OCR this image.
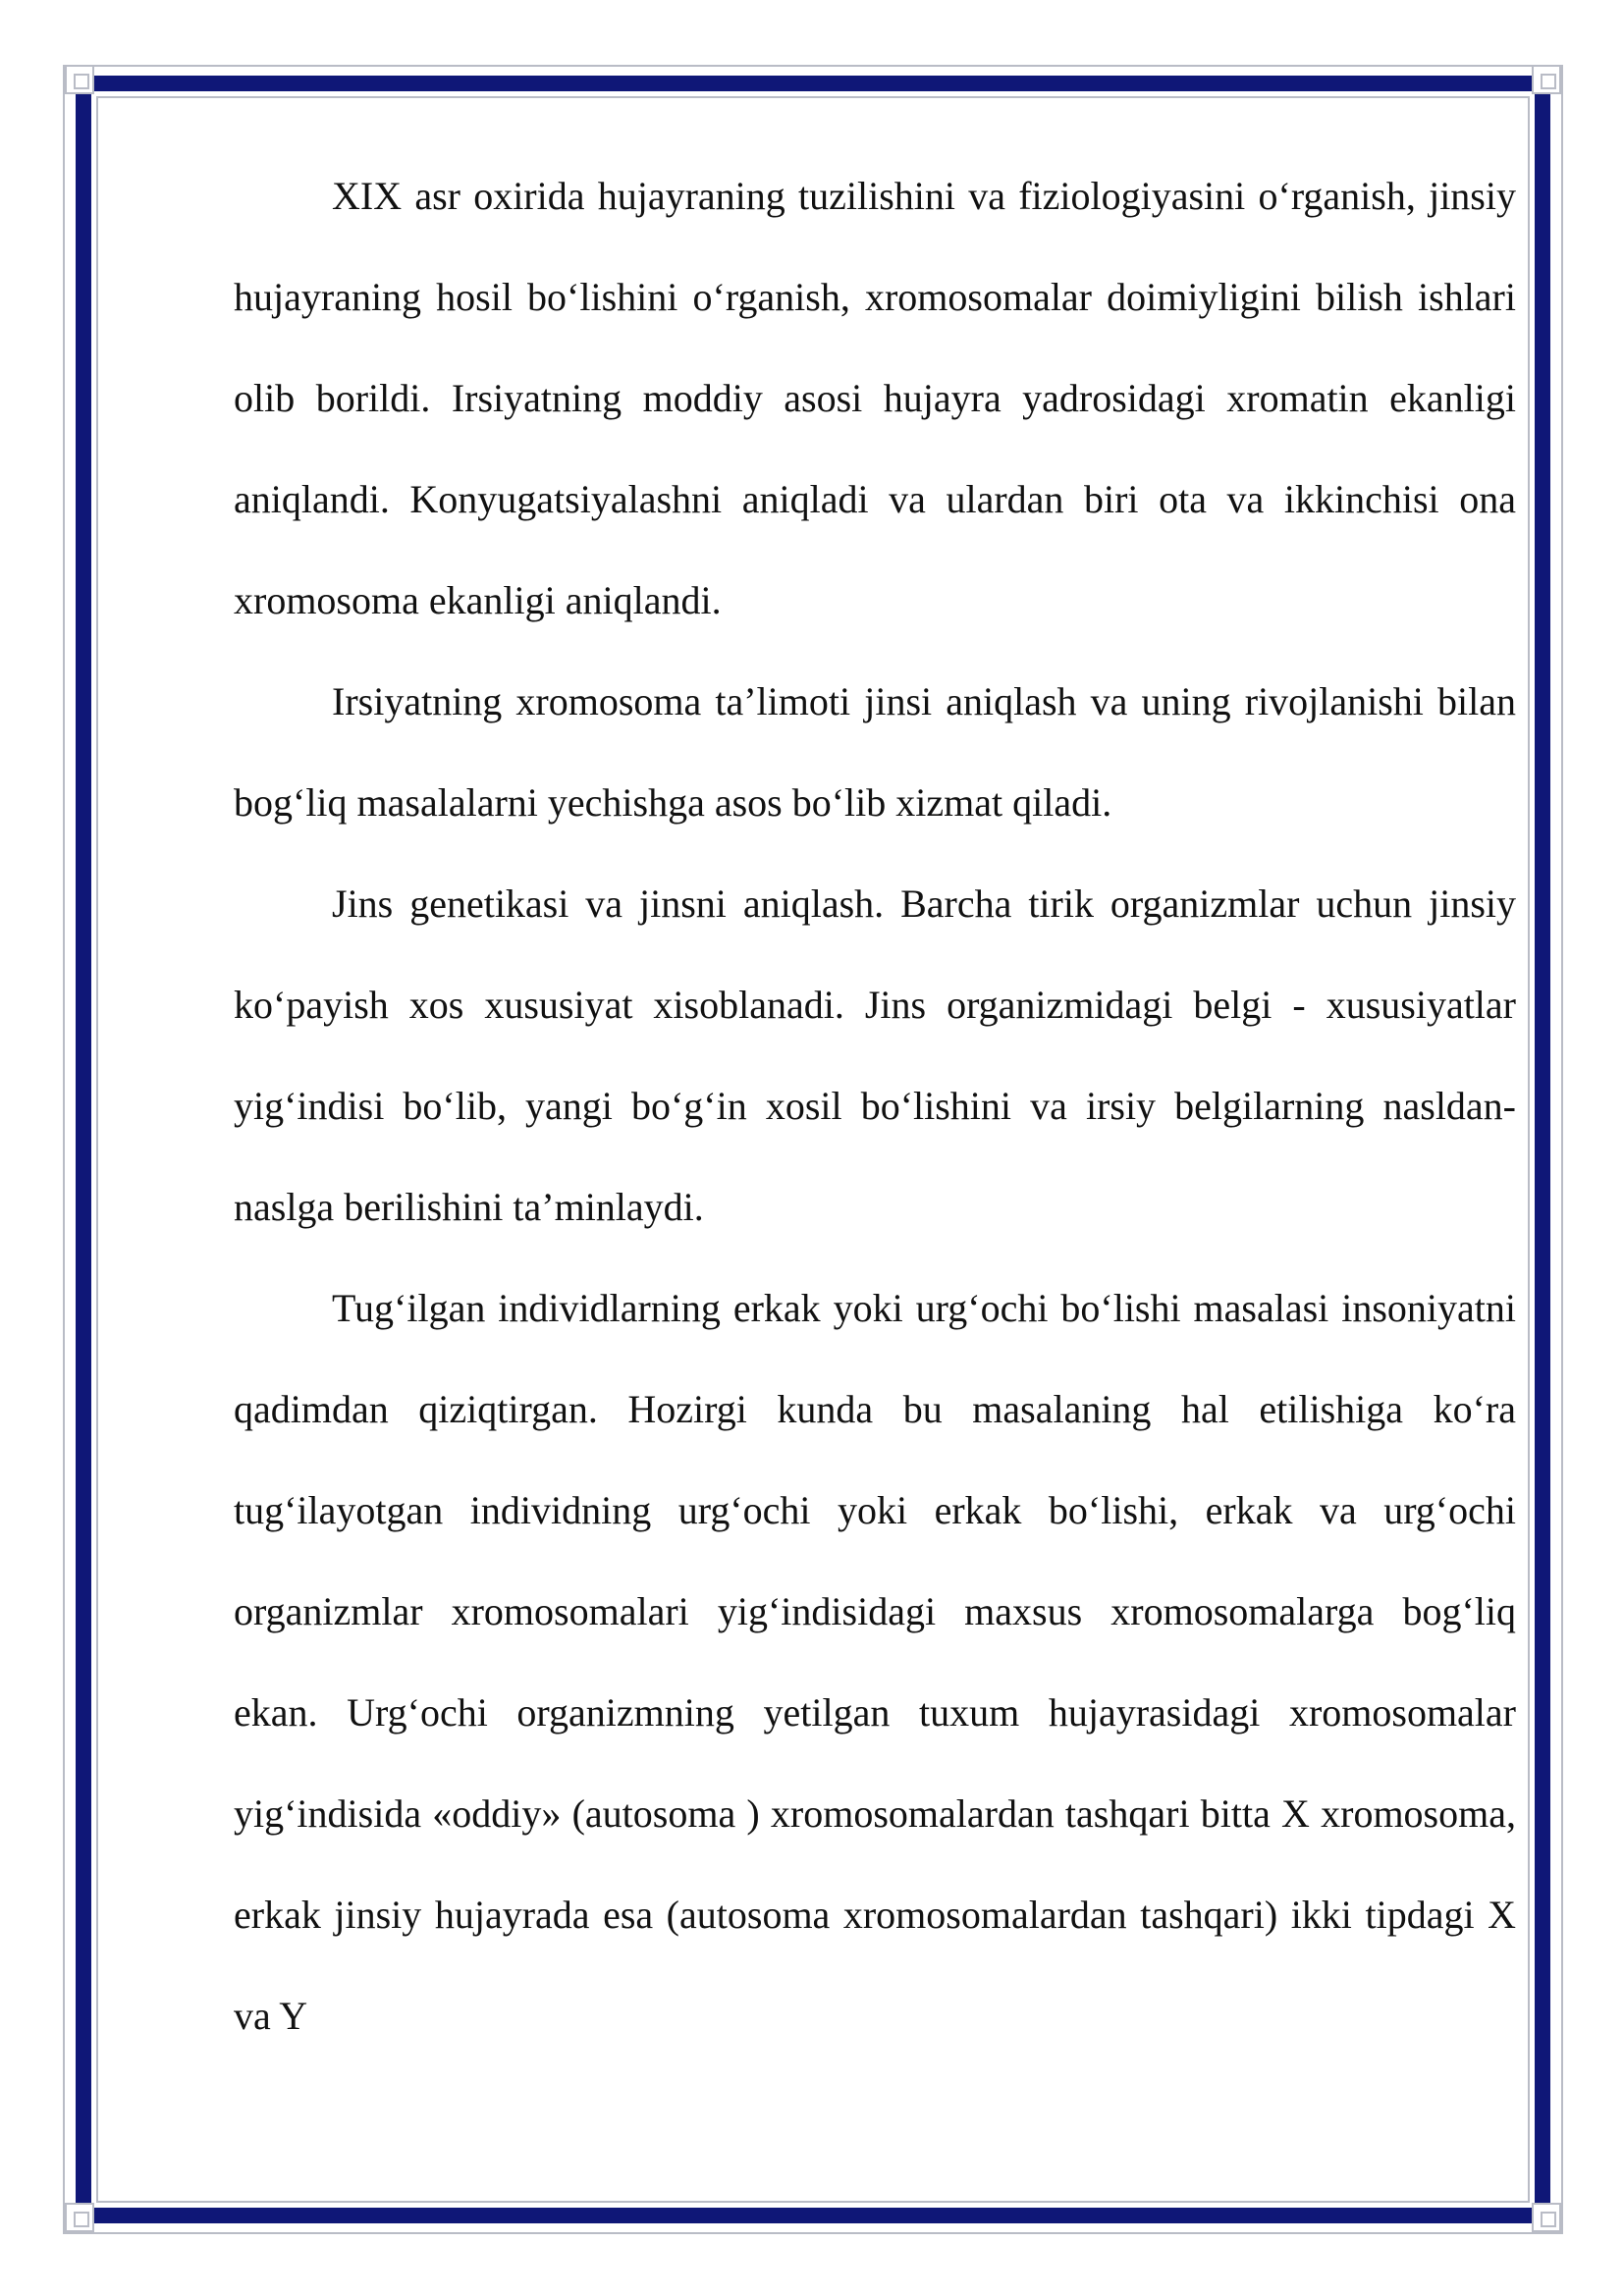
XIX asr oxirida hujayraning tuzilishini va fiziologiyasini o‘rganish, jinsiy hujayraning hosil bo‘lishini o‘rganish, xromosomalar doimiyligini bilish ishlari olib borildi. Irsiyatning moddiy asosi hujayra yadrosidagi xromatin ekanligi aniqlandi. Konyugatsiyalashni aniqladi va ulardan biri ota va ikkinchisi ona xromosoma ekanligi aniqlandi.

Irsiyatning xromosoma ta’limoti jinsi aniqlash va uning rivojlanishi bilan bog‘liq masalalarni yechishga asos bo‘lib xizmat qiladi.

Jins genetikasi va jinsni aniqlash. Barcha tirik organizmlar uchun jinsiy ko‘payish xos xususiyat xisoblanadi. Jins organizmidagi belgi - xususiyatlar yig‘indisi bo‘lib, yangi bo‘g‘in xosil bo‘lishini va irsiy belgilarning nasldan-naslga berilishini ta’minlaydi.

Tug‘ilgan individlarning erkak yoki urg‘ochi bo‘lishi masalasi insoniyatni qadimdan qiziqtirgan. Hozirgi kunda bu masalaning hal etilishiga ko‘ra tug‘ilayotgan individning urg‘ochi yoki erkak bo‘lishi, erkak va urg‘ochi organizmlar xromosomalari yig‘indisidagi maxsus xromosomalarga bog‘liq ekan. Urg‘ochi organizmning yetilgan tuxum hujayrasidagi xromosomalar yig‘indisida «oddiy» (autosoma ) xromosomalardan tashqari bitta X xromosoma, erkak jinsiy hujayrada esa (autosoma xromosomalardan tashqari) ikki tipdagi X va Y
